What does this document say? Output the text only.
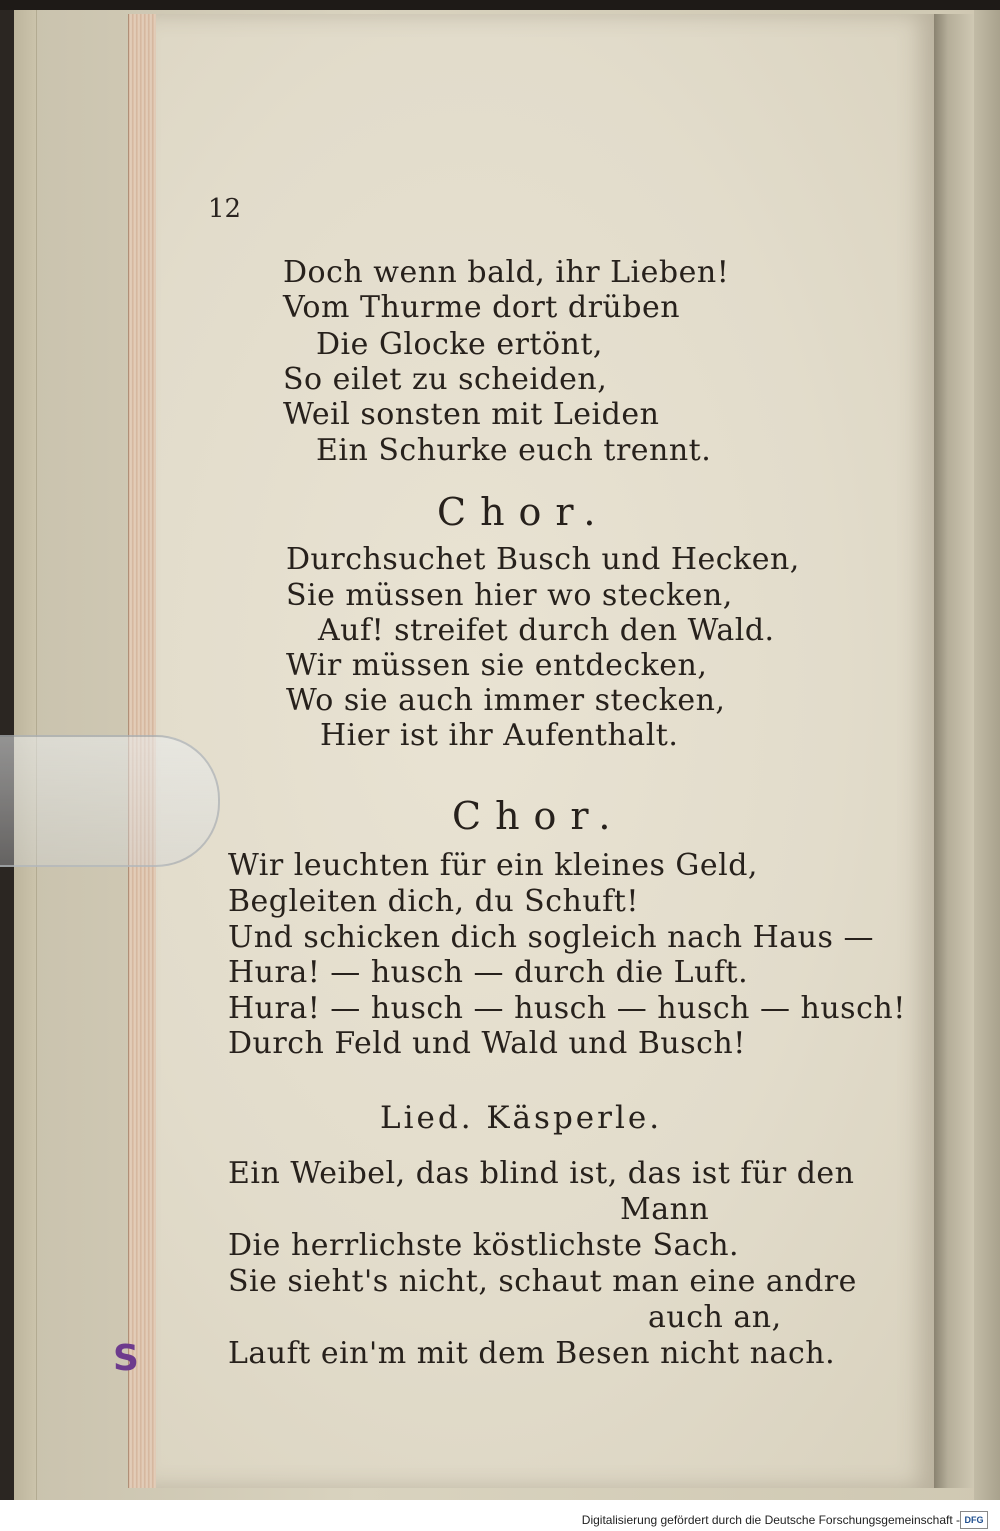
S
12
Doch wenn bald, ihr Lieben!
Vom Thurme dort drüben
Die Glocke ertönt,
So eilet zu scheiden,
Weil sonsten mit Leiden
Ein Schurke euch trennt.
Chor.
Durchsuchet Busch und Hecken,
Sie müssen hier wo stecken,
Auf! streifet durch den Wald.
Wir müssen sie entdecken,
Wo sie auch immer stecken,
Hier ist ihr Aufenthalt.
Chor.
Wir leuchten für ein kleines Geld,
Begleiten dich, du Schuft!
Und schicken dich sogleich nach Haus —
Hura! — husch — durch die Luft.
Hura! — husch — husch — husch — husch!
Durch Feld und Wald und Busch!
Lied. Käsperle.
Ein Weibel, das blind ist, das ist für den
Mann
Die herrlichste köstlichste Sach.
Sie sieht's nicht, schaut man eine andre
auch an,
Lauft ein'm mit dem Besen nicht nach.
Digitalisierung gefördert durch die Deutsche Forschungsgemeinschaft - DFG
